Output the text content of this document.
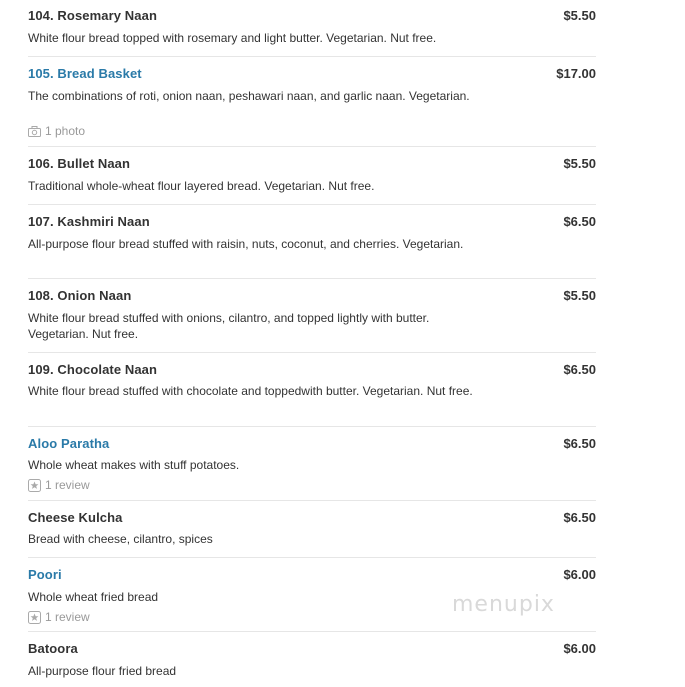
104. Rosemary Naan	$5.50
White flour bread topped with rosemary and light butter. Vegetarian. Nut free.
105. Bread Basket	$17.00
The combinations of roti, onion naan, peshawari naan, and garlic naan. Vegetarian.
1 photo
106. Bullet Naan	$5.50
Traditional whole-wheat flour layered bread. Vegetarian. Nut free.
107. Kashmiri Naan	$6.50
All-purpose flour bread stuffed with raisin, nuts, coconut, and cherries. Vegetarian.
108. Onion Naan	$5.50
White flour bread stuffed with onions, cilantro, and topped lightly with butter. Vegetarian. Nut free.
109. Chocolate Naan	$6.50
White flour bread stuffed with chocolate and toppedwith butter. Vegetarian. Nut free.
Aloo Paratha	$6.50
Whole wheat makes with stuff potatoes.
1 review
Cheese Kulcha	$6.50
Bread with cheese, cilantro, spices
Poori	$6.00
Whole wheat fried bread
1 review
Batoora	$6.00
All-purpose flour fried bread
menupix
